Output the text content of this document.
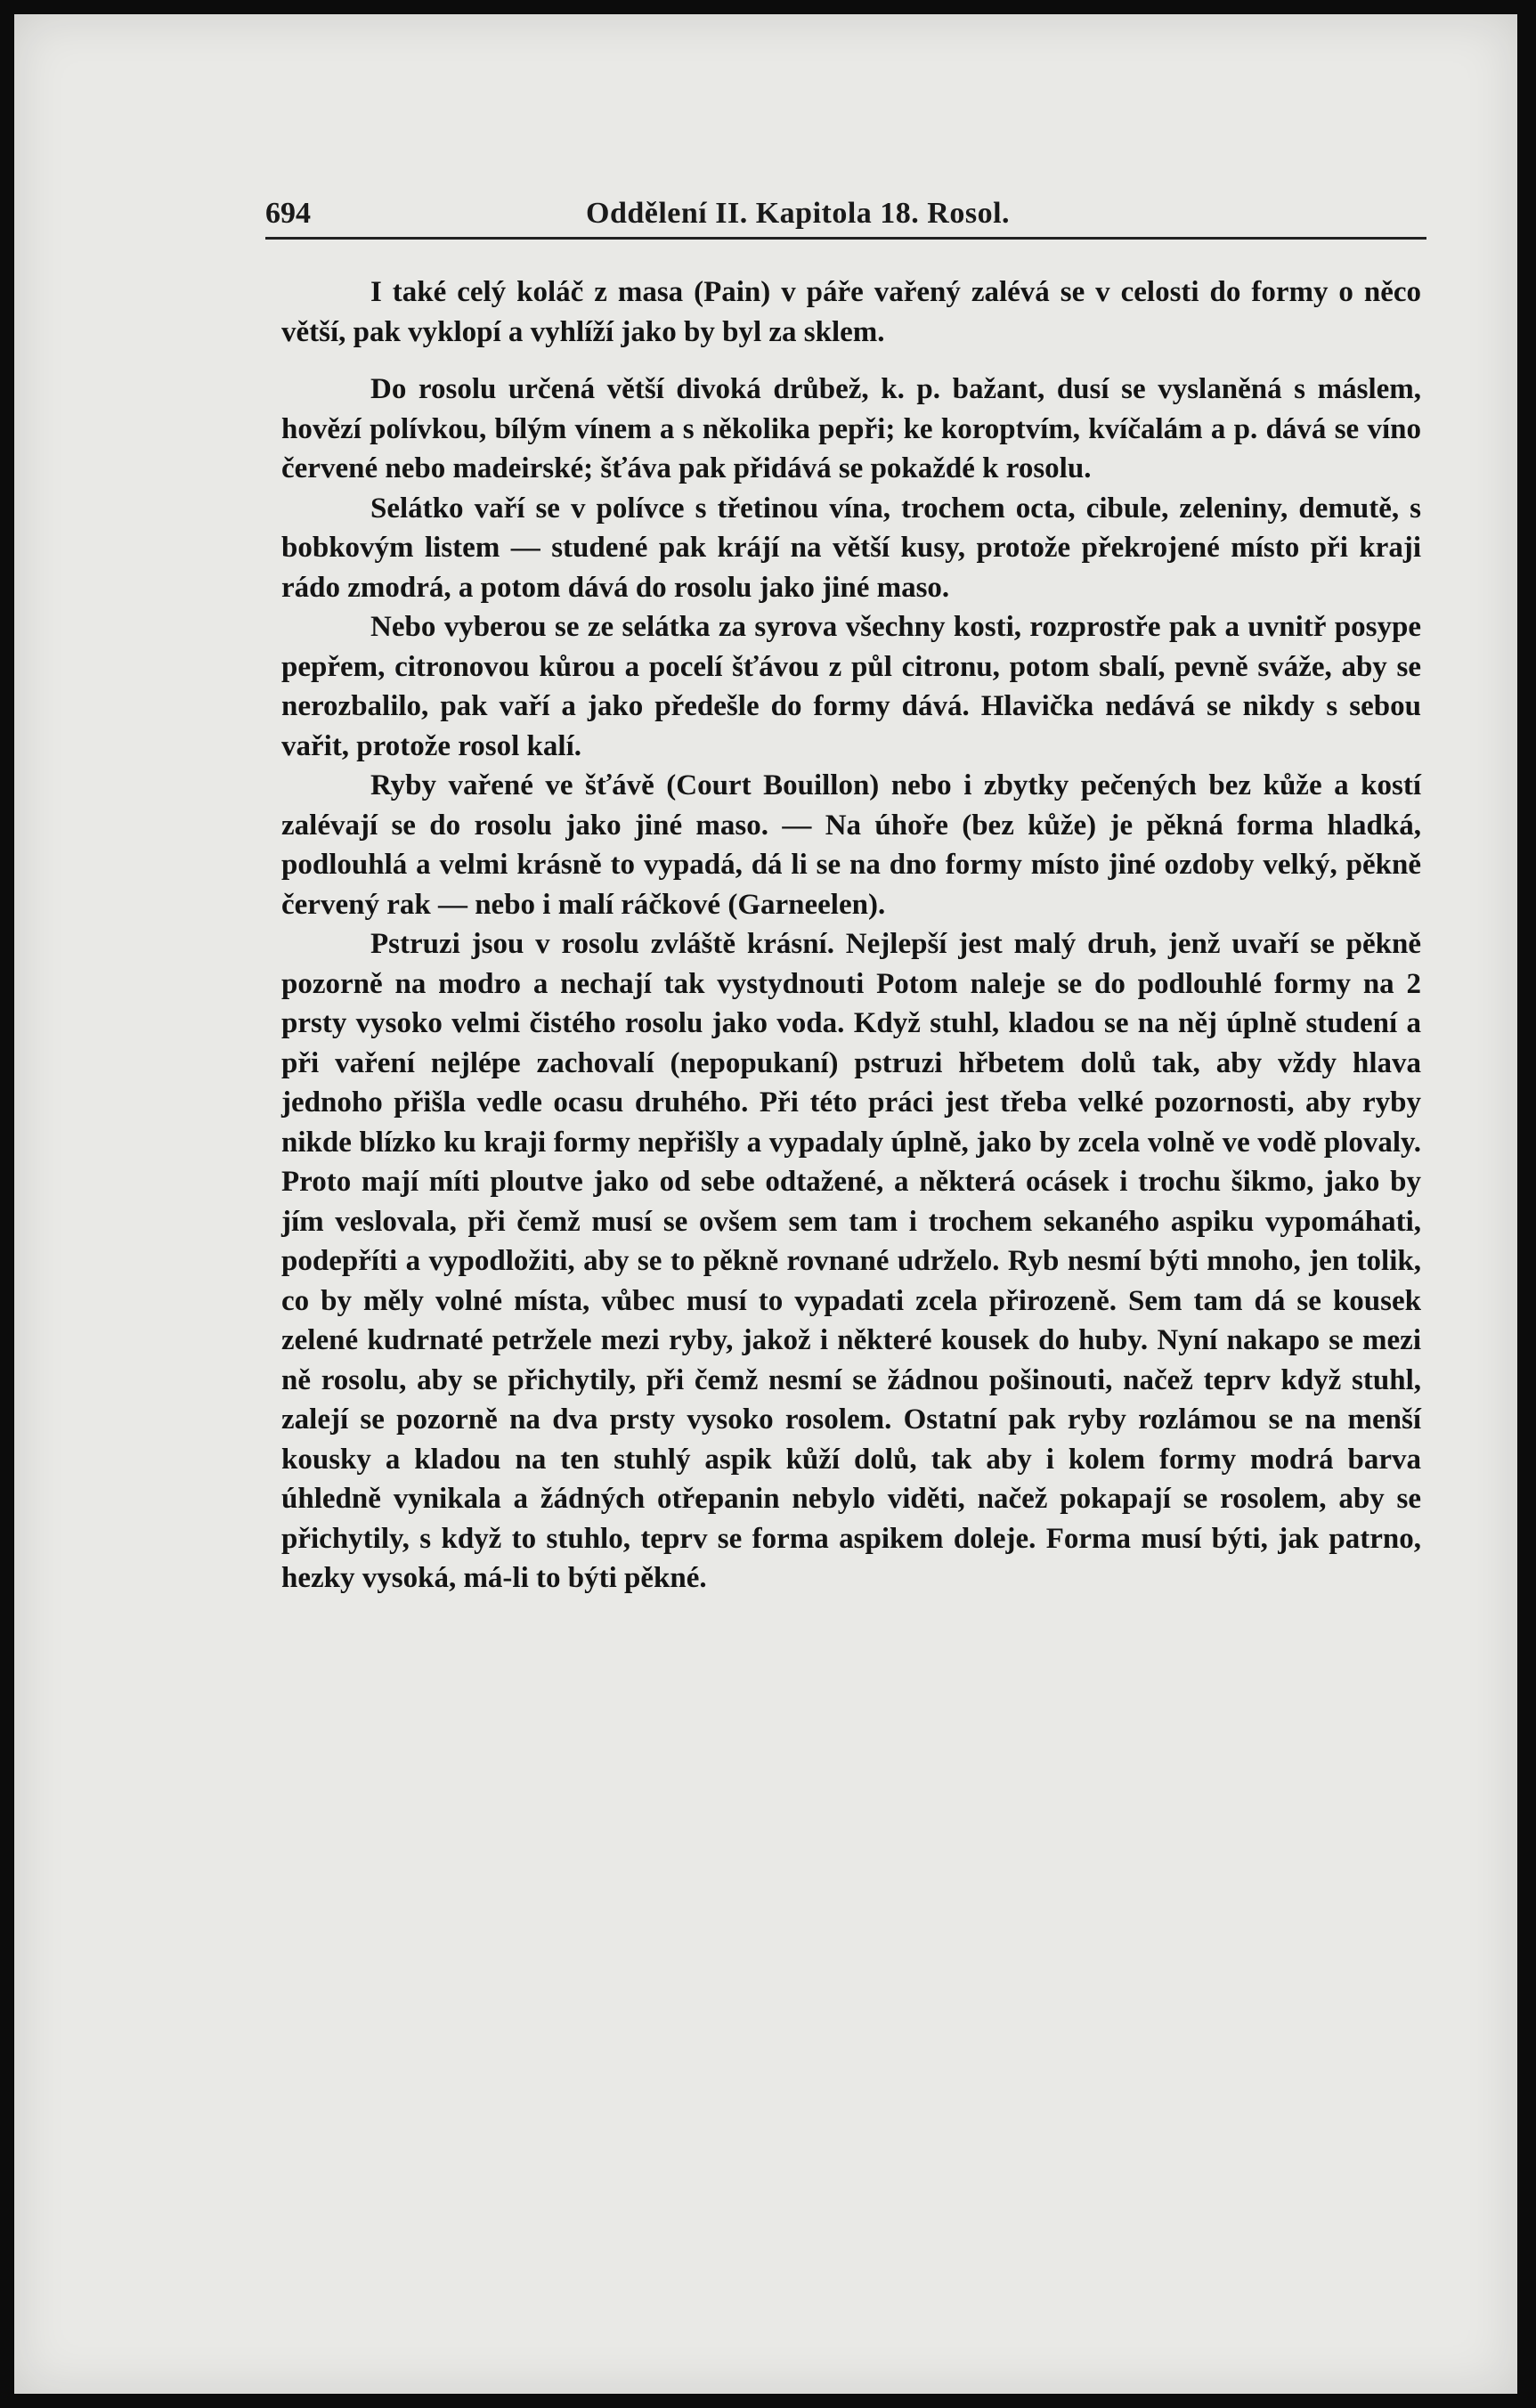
694	Oddělení II. Kapitola 18. Rosol.

I také celý koláč z masa (Pain) v páře vařený zalévá se v celosti do formy o něco větší, pak vyklopí a vyhlíží jako by byl za sklem.

Do rosolu určená větší divoká drůbež, k. p. bažant, dusí se vyslaněná s máslem, hovězí polívkou, bílým vínem a s několika pepři; ke koroptvím, kvíčalám a p. dává se víno červené nebo madeirské; šťáva pak přidává se pokaždé k rosolu.

Selátko vaří se v polívce s třetinou vína, trochem octa, cibule, zeleniny, demutě, s bobkovým listem — studené pak krájí na větší kusy, protože překrojené místo při kraji rádo zmodrá, a potom dává do rosolu jako jiné maso.

Nebo vyberou se ze selátka za syrova všechny kosti, rozprostře pak a uvnitř posype pepřem, citronovou kůrou a pocelí šťávou z půl citronu, potom sbalí, pevně sváže, aby se nerozbalilo, pak vaří a jako předešle do formy dává. Hlavička nedává se nikdy s sebou vařit, protože rosol kalí.

Ryby vařené ve šťávě (Court Bouillon) nebo i zbytky pečených bez kůže a kostí zalévají se do rosolu jako jiné maso. — Na úhoře (bez kůže) je pěkná forma hladká, podlouhlá a velmi krásně to vypadá, dá li se na dno formy místo jiné ozdoby velký, pěkně červený rak — nebo i malí ráčkové (Garneelen).

Pstruzi jsou v rosolu zvláště krásní. Nejlepší jest malý druh, jenž uvaří se pěkně pozorně na modro a nechají tak vystydnouti Potom naleje se do podlouhlé formy na 2 prsty vysoko velmi čistého rosolu jako voda. Když stuhl, kladou se na něj úplně studení a při vaření nejlépe zachovalí (nepopukaní) pstruzi hřbetem dolů tak, aby vždy hlava jednoho přišla vedle ocasu druhého. Při této práci jest třeba velké pozornosti, aby ryby nikde blízko ku kraji formy nepřišly a vypadaly úplně, jako by zcela volně ve vodě plovaly. Proto mají míti ploutve jako od sebe odtažené, a některá ocásek i trochu šikmo, jako by jím veslovala, při čemž musí se ovšem sem tam i trochem sekaného aspiku vypomáhati, podepříti a vypodložiti, aby se to pěkně rovnané udrželo. Ryb nesmí býti mnoho, jen tolik, co by měly volné místa, vůbec musí to vypadati zcela přirozeně. Sem tam dá se kousek zelené kudrnaté petržele mezi ryby, jakož i některé kousek do huby. Nyní nakapo se mezi ně rosolu, aby se přichytily, při čemž nesmí se žádnou pošinouti, načež teprv když stuhl, zalejí se pozorně na dva prsty vysoko rosolem. Ostatní pak ryby rozlámou se na menší kousky a kladou na ten stuhlý aspik kůží dolů, tak aby i kolem formy modrá barva úhledně vynikala a žádných otřepanin nebylo viděti, načež pokapají se rosolem, aby se přichytily, s když to stuhlo, teprv se forma aspikem doleje. Forma musí býti, jak patrno, hezky vysoká, má-li to býti pěkné.
